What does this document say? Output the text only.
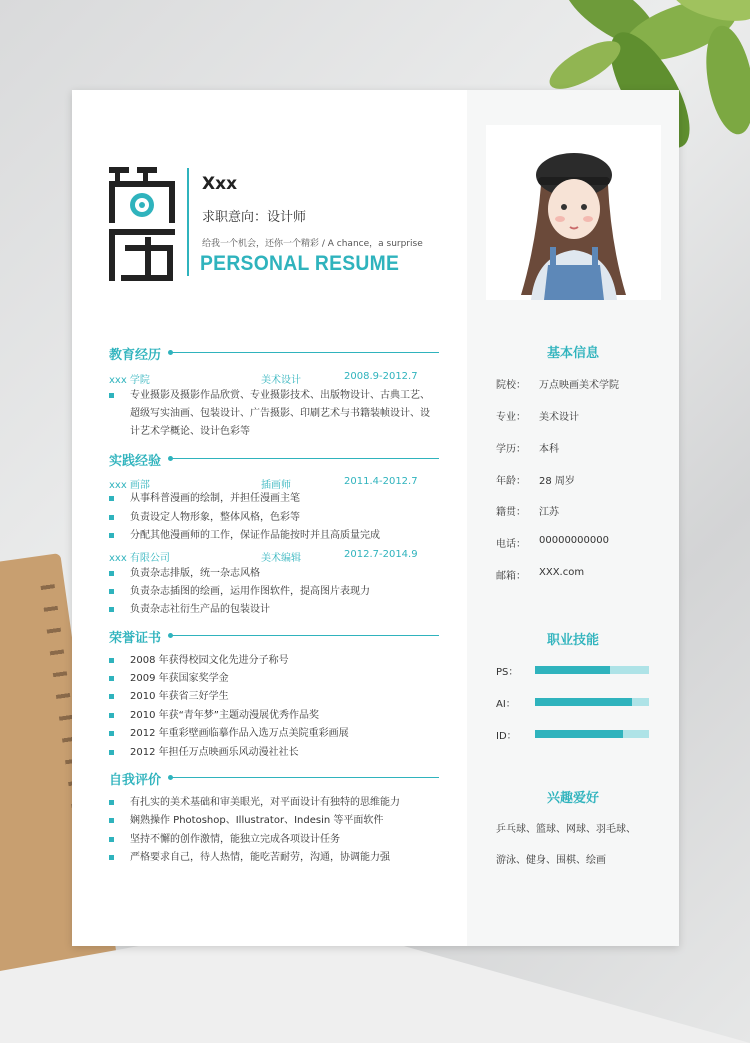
Xxx
求职意向：设计师
给我一个机会，还你一个精彩 / A chance，a surprise
PERSONAL RESUME
教育经历
xxx 学院	美术设计	2008.9-2012.7
专业摄影及摄影作品欣赏、专业摄影技术、出版物设计、古典工艺、超级写实油画、包装设计、广告摄影、印刷艺术与书籍装帧设计、设计艺术学概论、设计色彩等
实践经验
xxx 画部	插画师	2011.4-2012.7
从事科普漫画的绘制，并担任漫画主笔
负责设定人物形象，整体风格，色彩等
分配其他漫画师的工作，保证作品能按时并且高质量完成
xxx 有限公司	美术编辑	2012.7-2014.9
负责杂志排版，统一杂志风格
负责杂志插图的绘画，运用作图软件，提高图片表现力
负责杂志社衍生产品的包装设计
荣誉证书
2008 年获得校园文化先进分子称号
2009 年获国家奖学金
2010 年获省三好学生
2010 年获“青年梦”主题动漫展优秀作品奖
2012 年重彩壁画临摹作品入选万点美院重彩画展
2012 年担任万点映画乐风动漫社社长
自我评价
有扎实的美术基础和审美眼光，对平面设计有独特的思维能力
娴熟操作 Photoshop、Illustrator、Indesin 等平面软件
坚持不懈的创作激情，能独立完成各项设计任务
严格要求自己，待人热情，能吃苦耐劳，沟通，协调能力强
基本信息
院校： 万点映画美术学院
专业： 美术设计
学历： 本科
年龄： 28 周岁
籍贯： 江苏
电话： 00000000000
邮箱： XXX.com
职业技能
PS：
AI：
ID：
兴趣爱好
乒乓球、篮球、网球、羽毛球、
游泳、健身、围棋、绘画
